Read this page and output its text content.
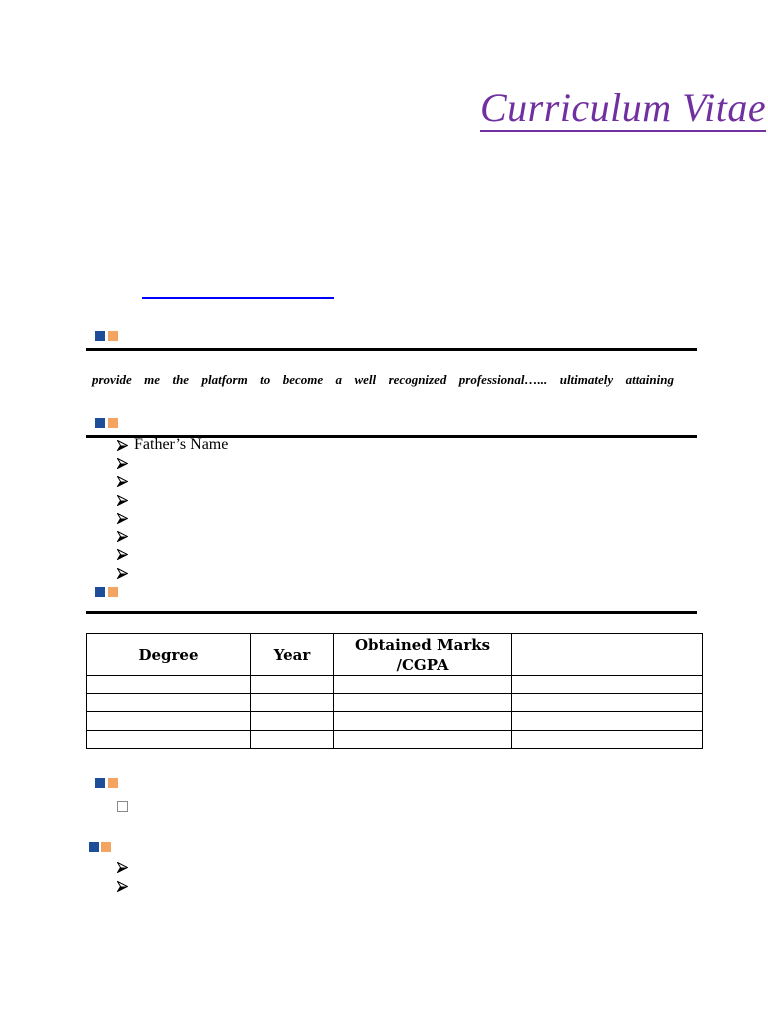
Curriculum Vitae
provide me the platform to become a well recognized professional…... ultimately attaining
Father’s Name
Degree	Year	Obtained Marks /CGPA	
